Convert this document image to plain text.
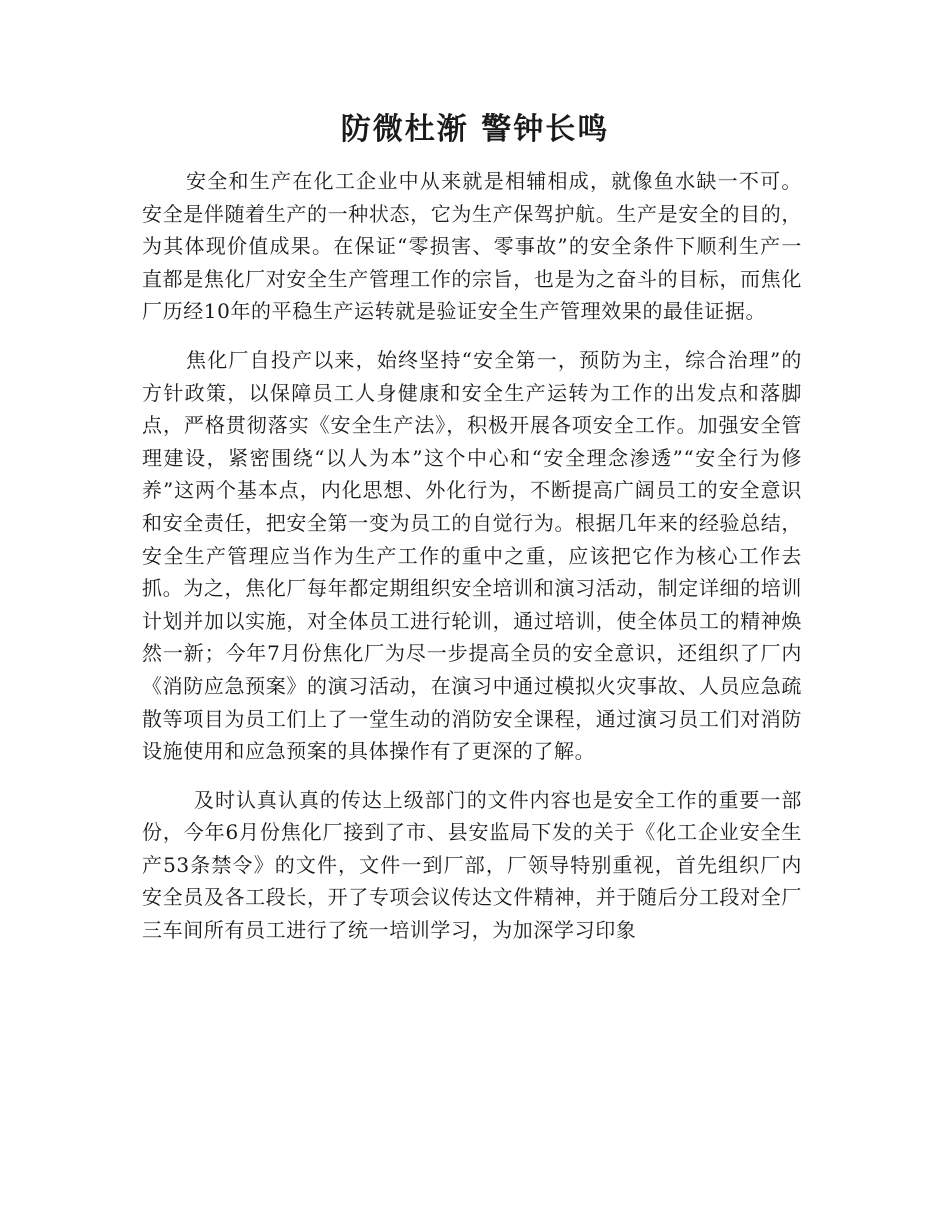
防微杜渐 警钟长鸣

安全和生产在化工企业中从来就是相辅相成，就像鱼水缺一不可。安全是伴随着生产的一种状态，它为生产保驾护航。生产是安全的目的，为其体现价值成果。在保证“零损害、零事故”的安全条件下顺利生产一直都是焦化厂对安全生产管理工作的宗旨，也是为之奋斗的目标，而焦化厂历经10年的平稳生产运转就是验证安全生产管理效果的最佳证据。

焦化厂自投产以来，始终坚持“安全第一，预防为主，综合治理”的方针政策，以保障员工人身健康和安全生产运转为工作的出发点和落脚点，严格贯彻落实《安全生产法》，积极开展各项安全工作。加强安全管理建设，紧密围绕“以人为本”这个中心和“安全理念渗透”“安全行为修养”这两个基本点，内化思想、外化行为，不断提高广阔员工的安全意识和安全责任，把安全第一变为员工的自觉行为。根据几年来的经验总结，安全生产管理应当作为生产工作的重中之重，应该把它作为核心工作去抓。为之，焦化厂每年都定期组织安全培训和演习活动，制定详细的培训计划并加以实施，对全体员工进行轮训，通过培训，使全体员工的精神焕然一新；今年7月份焦化厂为尽一步提高全员的安全意识，还组织了厂内《消防应急预案》的演习活动，在演习中通过模拟火灾事故、人员应急疏散等项目为员工们上了一堂生动的消防安全课程，通过演习员工们对消防设施使用和应急预案的具体操作有了更深的了解。

及时认真认真的传达上级部门的文件内容也是安全工作的重要一部份，今年6月份焦化厂接到了市、县安监局下发的关于《化工企业安全生产53条禁令》的文件，文件一到厂部，厂领导特别重视，首先组织厂内安全员及各工段长，开了专项会议传达文件精神，并于随后分工段对全厂三车间所有员工进行了统一培训学习，为加深学习印象
